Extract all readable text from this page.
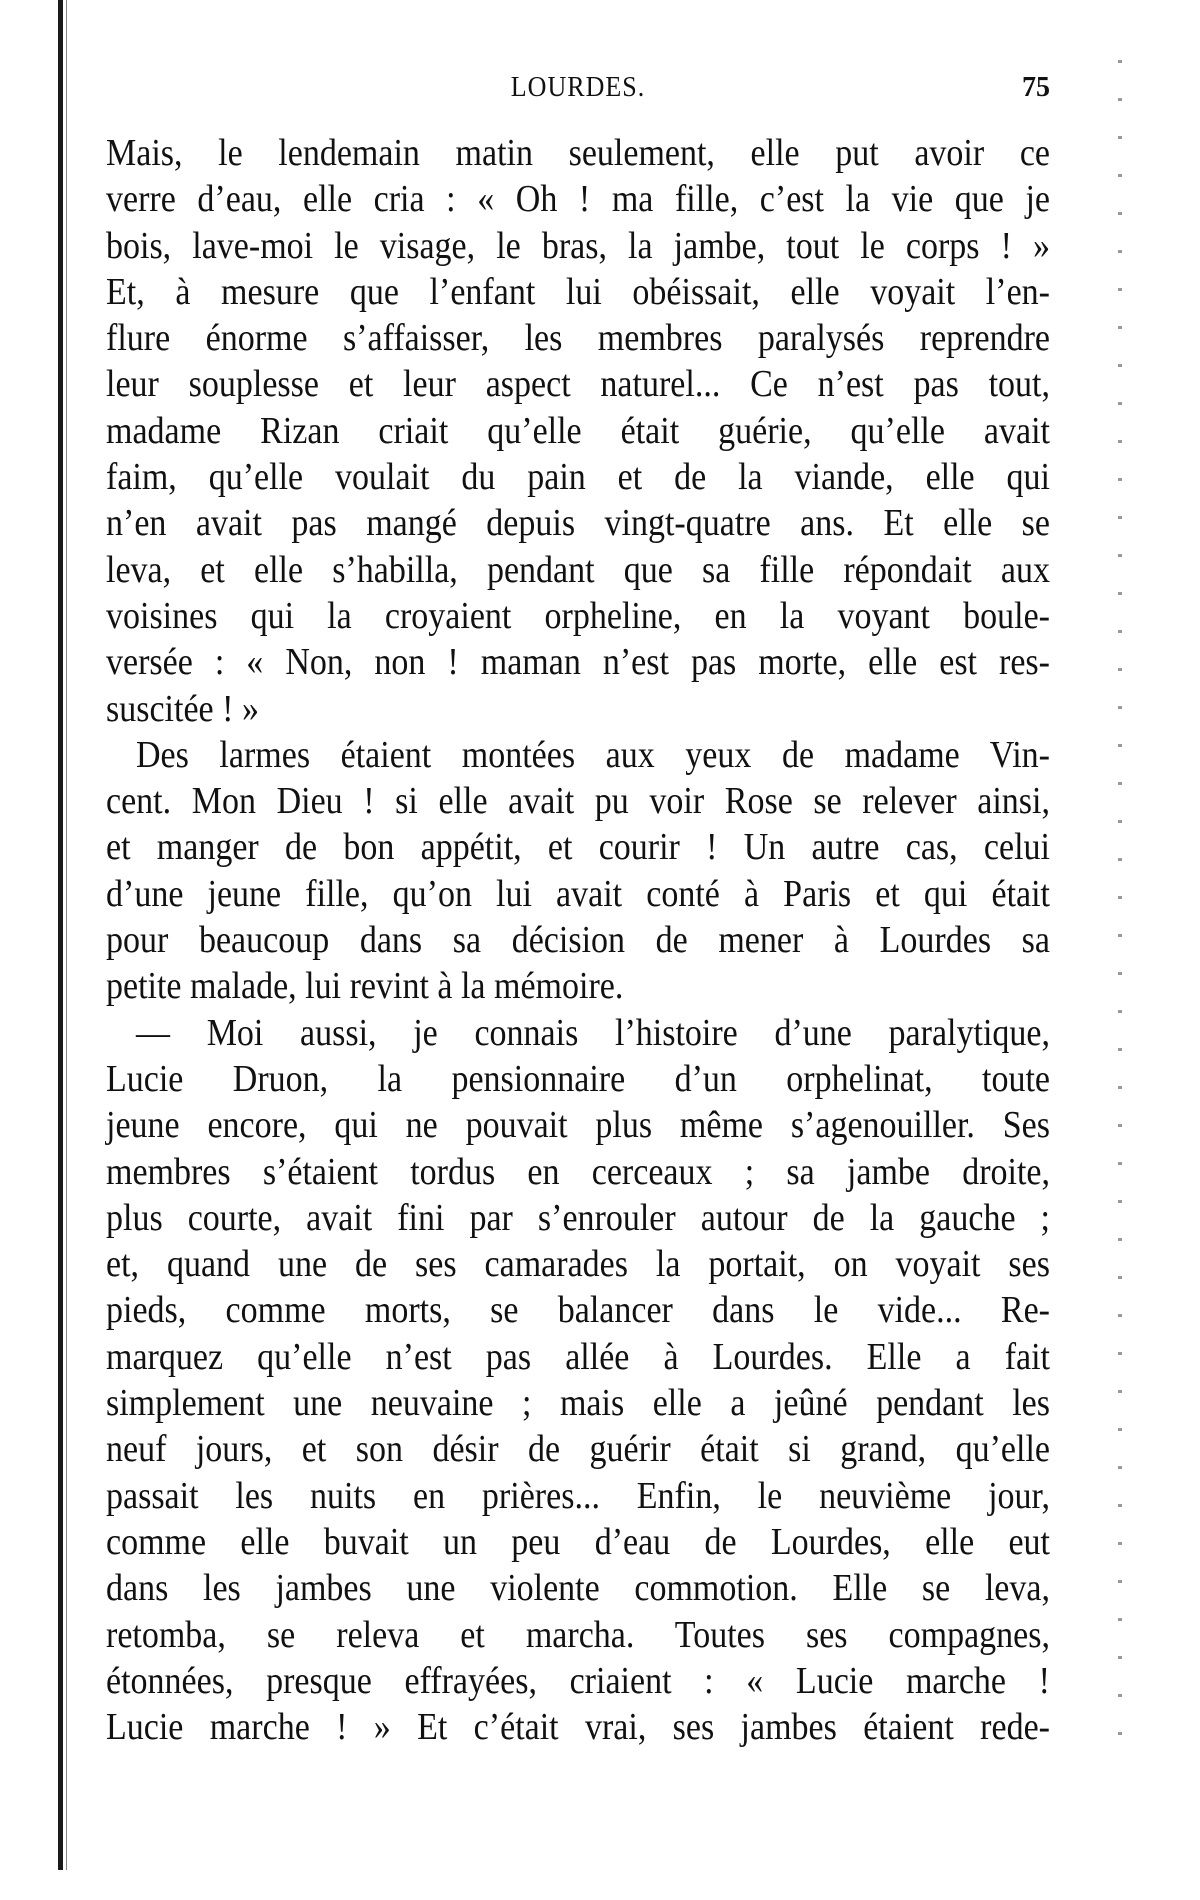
LOURDES.	75
Mais, le lendemain matin seulement, elle put avoir ce
verre d’eau, elle cria : « Oh ! ma fille, c’est la vie que je
bois, lave-moi le visage, le bras, la jambe, tout le corps ! »
Et, à mesure que l’enfant lui obéissait, elle voyait l’en-
flure énorme s’affaisser, les membres paralysés reprendre
leur souplesse et leur aspect naturel... Ce n’est pas tout,
madame Rizan criait qu’elle était guérie, qu’elle avait
faim, qu’elle voulait du pain et de la viande, elle qui
n’en avait pas mangé depuis vingt-quatre ans. Et elle se
leva, et elle s’habilla, pendant que sa fille répondait aux
voisines qui la croyaient orpheline, en la voyant boule-
versée : « Non, non ! maman n’est pas morte, elle est res-
suscitée ! »
Des larmes étaient montées aux yeux de madame Vin-
cent. Mon Dieu ! si elle avait pu voir Rose se relever ainsi,
et manger de bon appétit, et courir ! Un autre cas, celui
d’une jeune fille, qu’on lui avait conté à Paris et qui était
pour beaucoup dans sa décision de mener à Lourdes sa
petite malade, lui revint à la mémoire.
— Moi aussi, je connais l’histoire d’une paralytique,
Lucie Druon, la pensionnaire d’un orphelinat, toute
jeune encore, qui ne pouvait plus même s’agenouiller. Ses
membres s’étaient tordus en cerceaux ; sa jambe droite,
plus courte, avait fini par s’enrouler autour de la gauche ;
et, quand une de ses camarades la portait, on voyait ses
pieds, comme morts, se balancer dans le vide... Re-
marquez qu’elle n’est pas allée à Lourdes. Elle a fait
simplement une neuvaine ; mais elle a jeûné pendant les
neuf jours, et son désir de guérir était si grand, qu’elle
passait les nuits en prières... Enfin, le neuvième jour,
comme elle buvait un peu d’eau de Lourdes, elle eut
dans les jambes une violente commotion. Elle se leva,
retomba, se releva et marcha. Toutes ses compagnes,
étonnées, presque effrayées, criaient : « Lucie marche !
Lucie marche ! » Et c’était vrai, ses jambes étaient rede-
